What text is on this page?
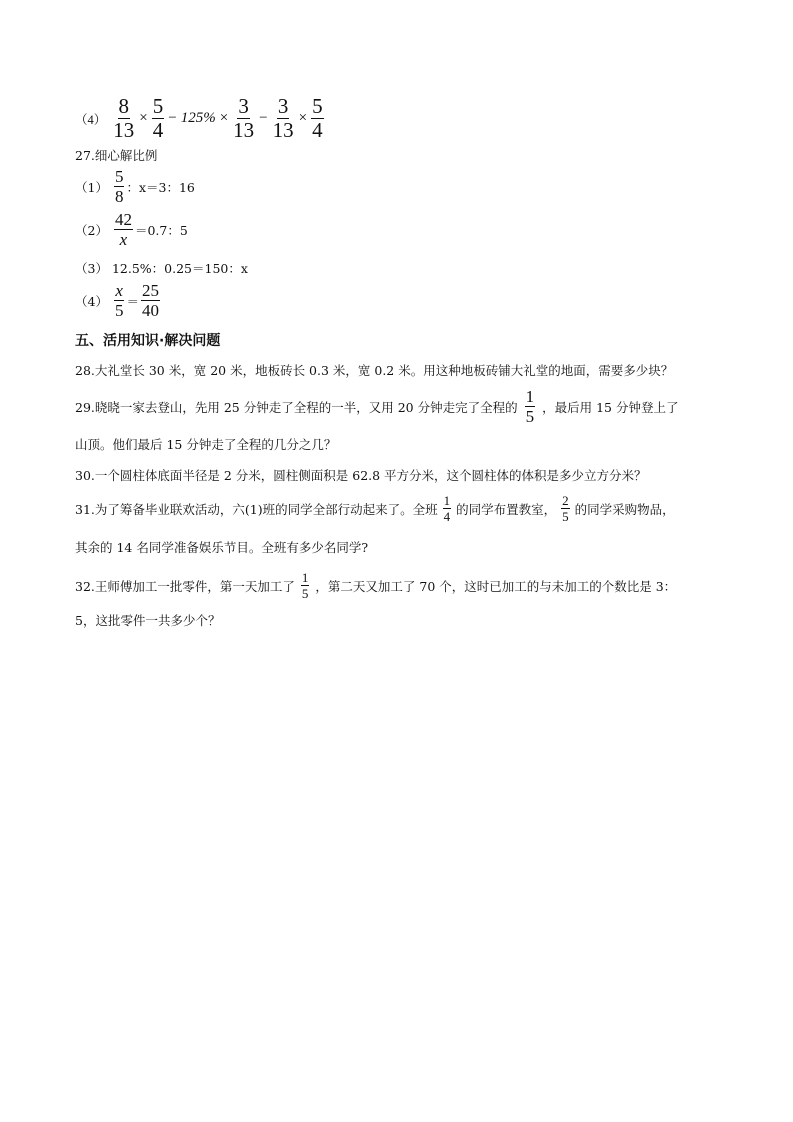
$(4) \frac{8}{13} \times \frac{5}{4} - 125\% \times \frac{3}{13} - \frac{3}{13} \times \frac{5}{4}$
27.细心解比例
$(1) \frac{5}{8}$ ：x＝3：16
$(2) \frac{42}{x} =0.7$：5
（3） 12.5%：0.25＝150：x
$(4) \frac{x}{5} = \frac{25}{40}$
五、活用知识·解决问题
28.大礼堂长 30 米，宽 20 米，地板砖长 0.3 米，宽 0.2 米。用这种地板砖铺大礼堂的地面，需要多少块？
29.晓晓一家去登山，先用 25 分钟走了全程的一半，又用 20 分钟走完了全程的 $\frac{1}{5}$ ，最后用 15 分钟登上了
山顶。他们最后 15 分钟走了全程的几分之几？
30.一个圆柱体底面半径是 2 分米，圆柱侧面积是 62.8 平方分米，这个圆柱体的体积是多少立方分米？
31.为了筹备毕业联欢活动，六(1)班的同学全部行动起来了。全班 $\frac{1}{4}$ 的同学布置教室， $\frac{2}{5}$ 的同学采购物品，
其余的 14 名同学准备娱乐节目。全班有多少名同学?
32.王师傅加工一批零件，第一天加工了 $\frac{1}{5}$ ，第二天又加工了 70 个，这时已加工的与未加工的个数比是 3：
5，这批零件一共多少个？
